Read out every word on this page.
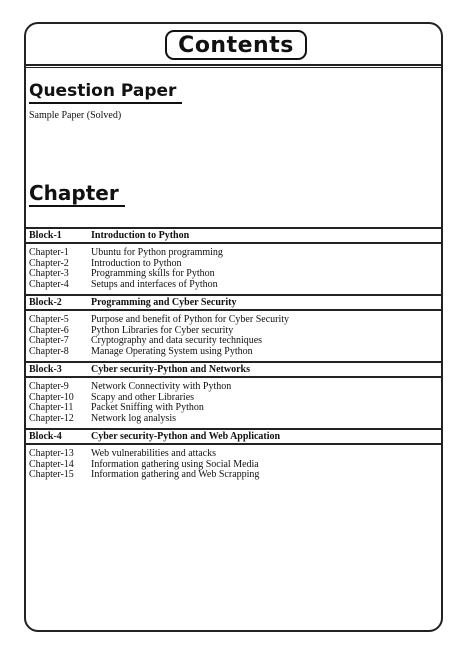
Contents
Question Paper
Sample Paper (Solved)
Chapter
Block-1	Introduction to Python
Chapter-1	Ubuntu for Python programming
Chapter-2	Introduction to Python
Chapter-3	Programming skills for Python
Chapter-4	Setups and interfaces of Python
Block-2	Programming and Cyber Security
Chapter-5	Purpose and benefit of Python for Cyber Security
Chapter-6	Python Libraries for Cyber security
Chapter-7	Cryptography and data security techniques
Chapter-8	Manage Operating System using Python
Block-3	Cyber security-Python and Networks
Chapter-9	Network Connectivity with Python
Chapter-10	Scapy and other Libraries
Chapter-11	Packet Sniffing with Python
Chapter-12	Network log analysis
Block-4	Cyber security-Python and Web Application
Chapter-13	Web vulnerabilities and attacks
Chapter-14	Information gathering using Social Media
Chapter-15	Information gathering and Web Scrapping
